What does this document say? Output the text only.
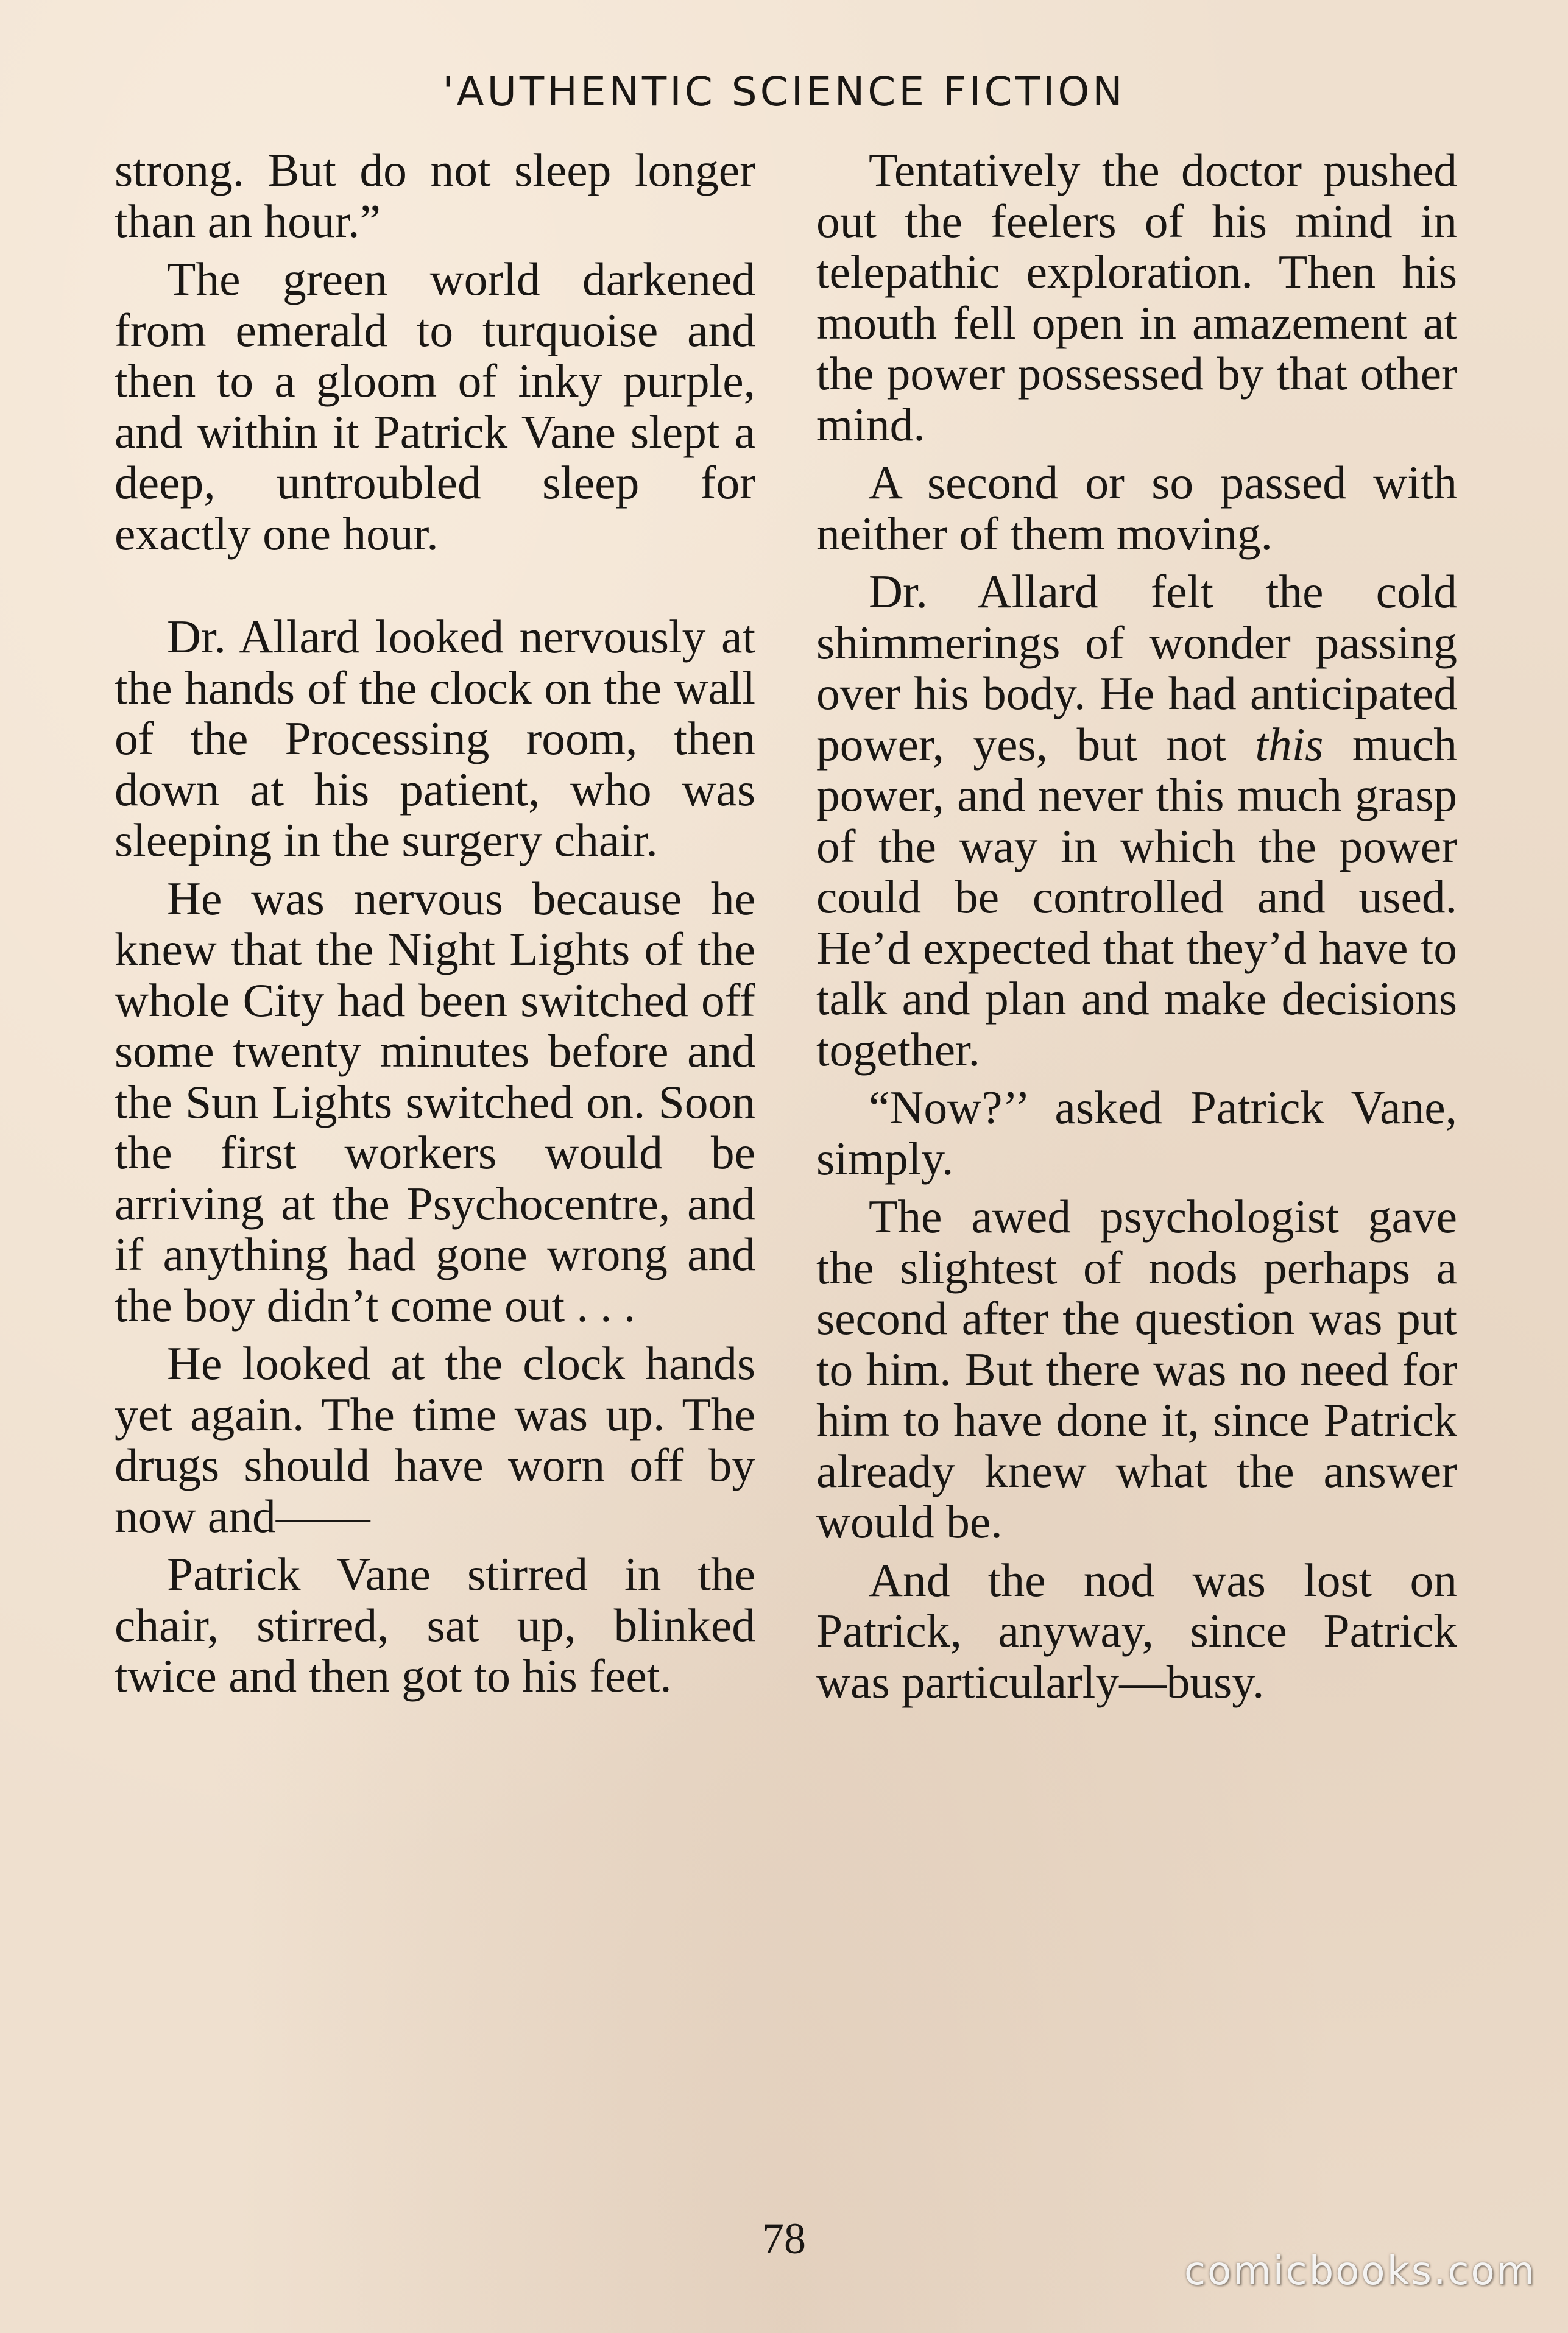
'AUTHENTIC SCIENCE FICTION

strong. But do not sleep longer than an hour.”

The green world darkened from emerald to turquoise and then to a gloom of inky purple, and within it Patrick Vane slept a deep, untroubled sleep for exactly one hour.

Dr. Allard looked nervously at the hands of the clock on the wall of the Processing room, then down at his patient, who was sleeping in the surgery chair.

He was nervous because he knew that the Night Lights of the whole City had been switched off some twenty minutes before and the Sun Lights switched on. Soon the first workers would be arriving at the Psychocentre, and if anything had gone wrong and the boy didn’t come out . . .

He looked at the clock hands yet again. The time was up. The drugs should have worn off by now and——

Patrick Vane stirred in the chair, stirred, sat up, blinked twice and then got to his feet.

Tentatively the doctor pushed out the feelers of his mind in telepathic exploration. Then his mouth fell open in amazement at the power possessed by that other mind.

A second or so passed with neither of them moving.

Dr. Allard felt the cold shimmerings of wonder passing over his body. He had anticipated power, yes, but not this much power, and never this much grasp of the way in which the power could be controlled and used. He’d expected that they’d have to talk and plan and make decisions together.

“Now?’’ asked Patrick Vane, simply.

The awed psychologist gave the slightest of nods perhaps a second after the question was put to him. But there was no need for him to have done it, since Patrick already knew what the answer would be.

And the nod was lost on Patrick, anyway, since Patrick was particularly—busy.

78
comicbooks.com
